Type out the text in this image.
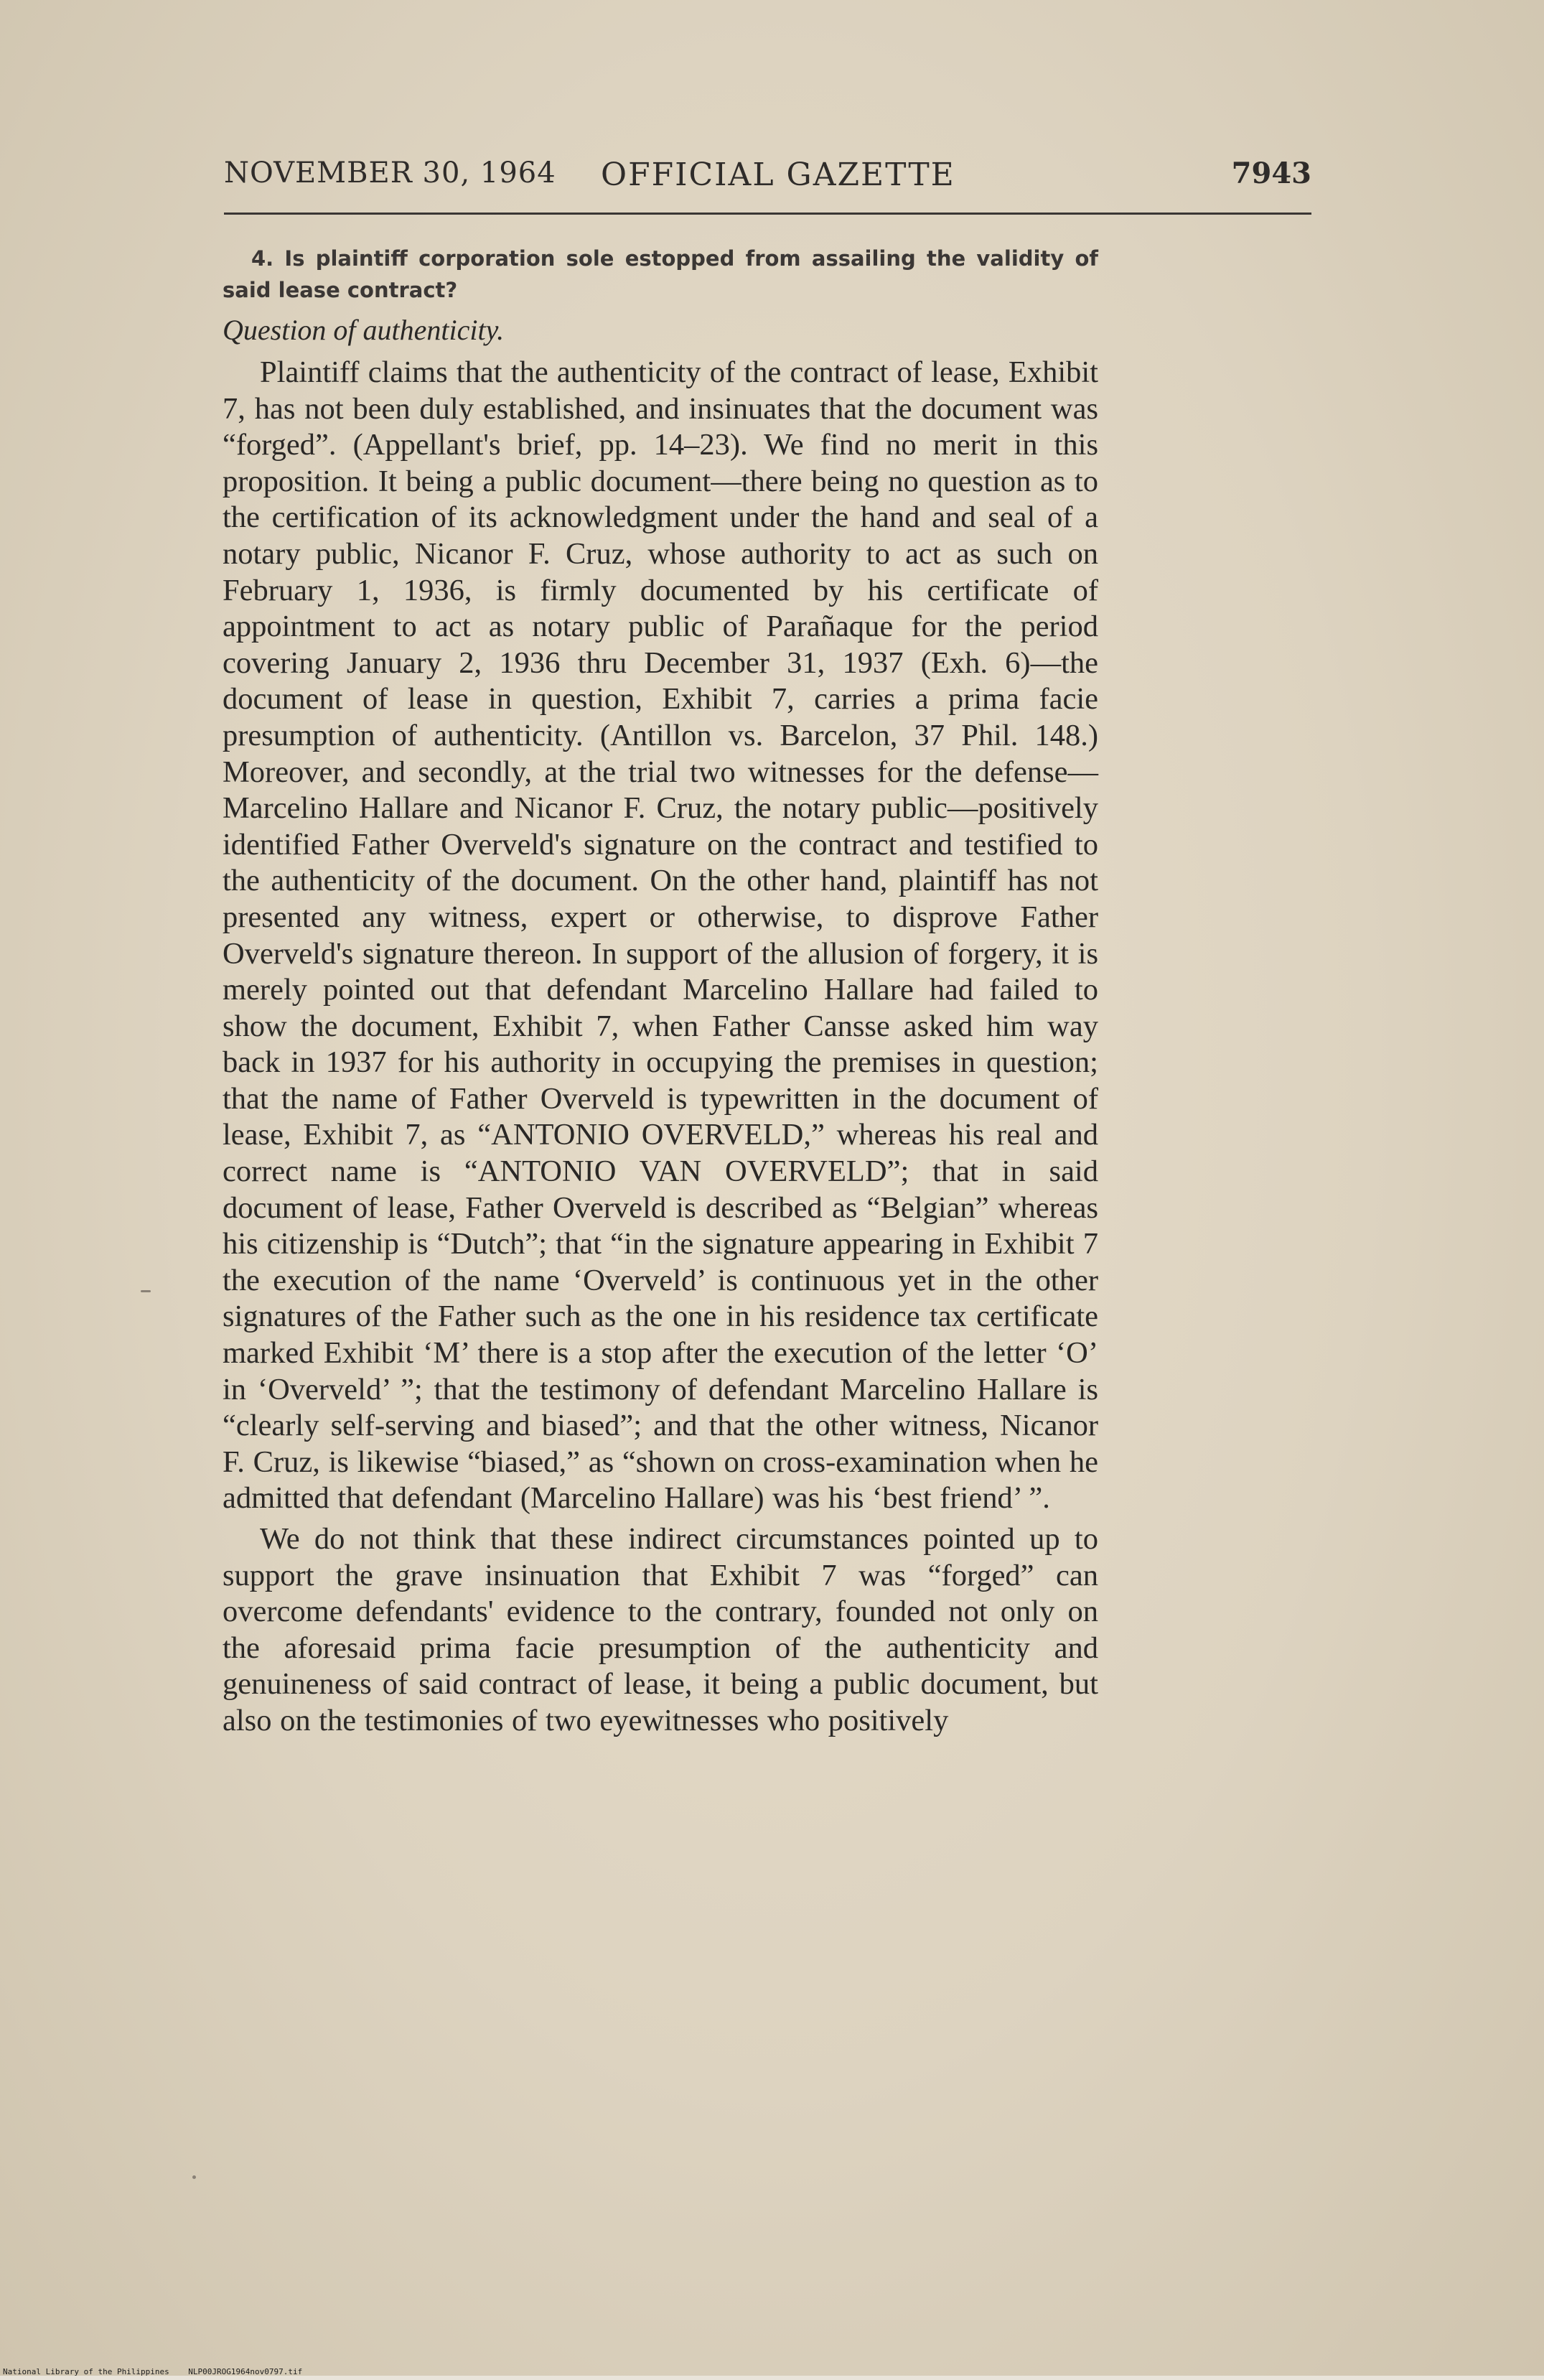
NOVEMBER 30, 1964 OFFICIAL GAZETTE	7943

4. Is plaintiff corporation sole estopped from assailing the validity of said lease contract?

Question of authenticity.

Plaintiff claims that the authenticity of the contract of lease, Exhibit 7, has not been duly established, and insinuates that the document was “forged”. (Appellant's brief, pp. 14–23). We find no merit in this proposition. It being a public document—there being no question as to the certification of its acknowledgment under the hand and seal of a notary public, Nicanor F. Cruz, whose authority to act as such on February 1, 1936, is firmly documented by his certificate of appointment to act as notary public of Parañaque for the period covering January 2, 1936 thru December 31, 1937 (Exh. 6)—the document of lease in question, Exhibit 7, carries a prima facie presumption of authenticity. (Antillon vs. Barcelon, 37 Phil. 148.) Moreover, and secondly, at the trial two witnesses for the defense—Marcelino Hallare and Nicanor F. Cruz, the notary public—positively identified Father Overveld's signature on the contract and testified to the authenticity of the document. On the other hand, plaintiff has not presented any witness, expert or otherwise, to disprove Father Overveld's signature thereon. In support of the allusion of forgery, it is merely pointed out that defendant Marcelino Hallare had failed to show the document, Exhibit 7, when Father Cansse asked him way back in 1937 for his authority in occupying the premises in question; that the name of Father Overveld is typewritten in the document of lease, Exhibit 7, as “ANTONIO OVERVELD,” whereas his real and correct name is “ANTONIO VAN OVERVELD”; that in said document of lease, Father Overveld is described as “Belgian” whereas his citizenship is “Dutch”; that “in the signature appearing in Exhibit 7 the execution of the name ‘Overveld’ is continuous yet in the other signatures of the Father such as the one in his residence tax certificate marked Exhibit ‘M’ there is a stop after the execution of the letter ‘O’ in ‘Overveld’ ”; that the testimony of defendant Marcelino Hallare is “clearly self-serving and biased”; and that the other witness, Nicanor F. Cruz, is likewise “biased,” as “shown on cross-examination when he admitted that defendant (Marcelino Hallare) was his ‘best friend’ ”.

We do not think that these indirect circumstances pointed up to support the grave insinuation that Exhibit 7 was “forged” can overcome defendants' evidence to the contrary, founded not only on the aforesaid prima facie presumption of the authenticity and genuineness of said contract of lease, it being a public document, but also on the testimonies of two eyewitnesses who positively

National Library of the Philippines NLP00JROG1964nov0797.tif
